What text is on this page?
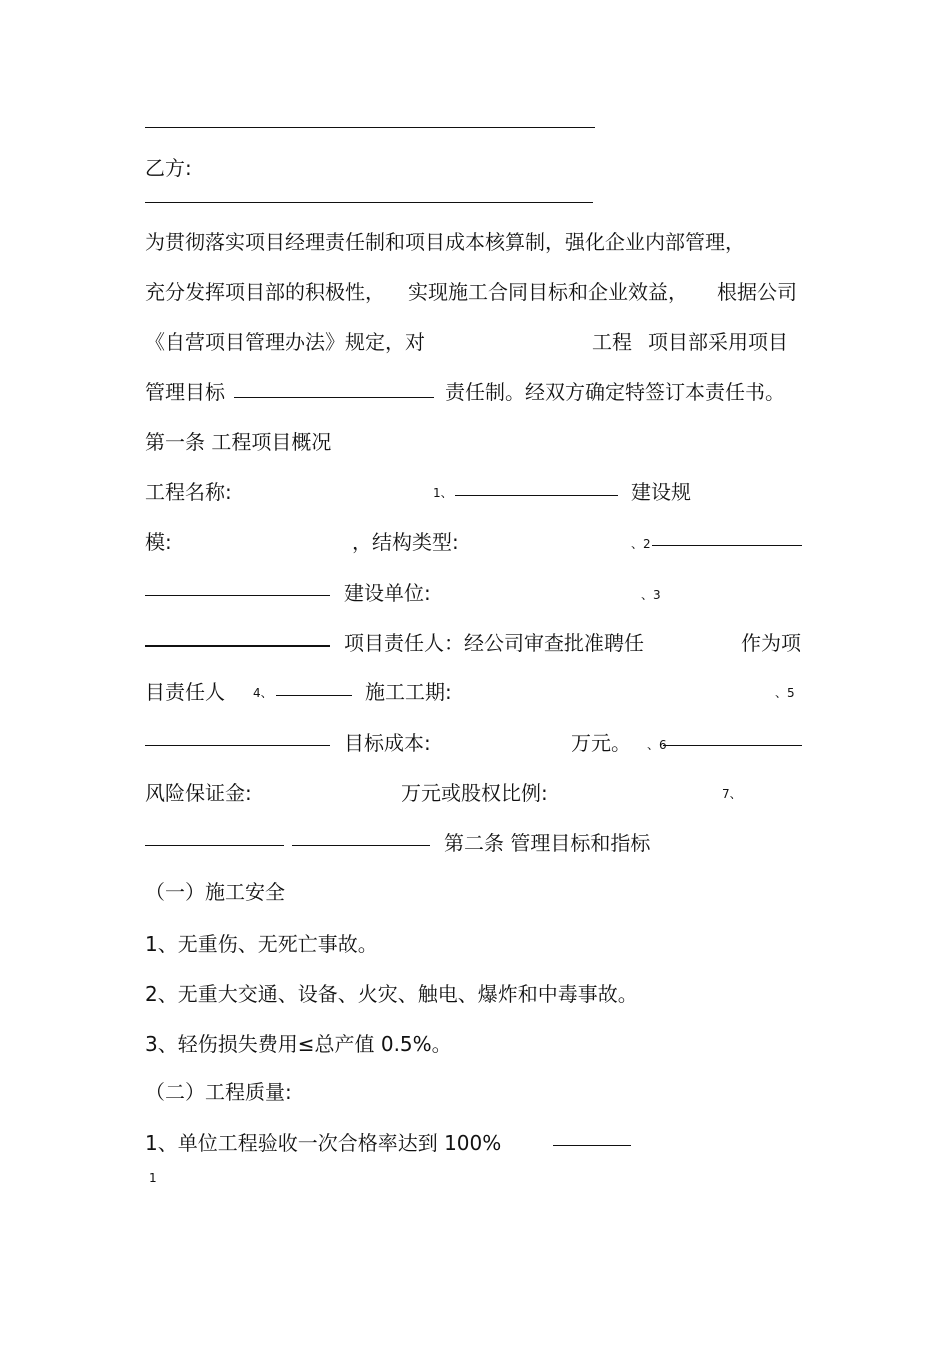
乙方:
为贯彻落实项目经理责任制和项目成本核算制，强化企业内部管理，
充分发挥项目部的积极性， 实现施工合同目标和企业效益， 根据公司
《自营项目管理办法》规定，对	工程 项目部采用项目
管理目标	责任制。经双方确定特签订本责任书。
第一条 工程项目概况
工程名称:	1、	建设规
模:	，结构类型:	、2
建设单位:	、3
项目责任人：经公司审查批准聘任	作为项
目责任人 4、	施工工期:	、5
目标成本:	万元。 、6
风险保证金:	万元或股权比例:	7、
第二条 管理目标和指标
（一）施工安全
1、无重伤、无死亡事故。
2、无重大交通、设备、火灾、触电、爆炸和中毒事故。
3、轻伤损失费用≤总产值 0.5%。
（二）工程质量:
1、单位工程验收一次合格率达到 100%
1
